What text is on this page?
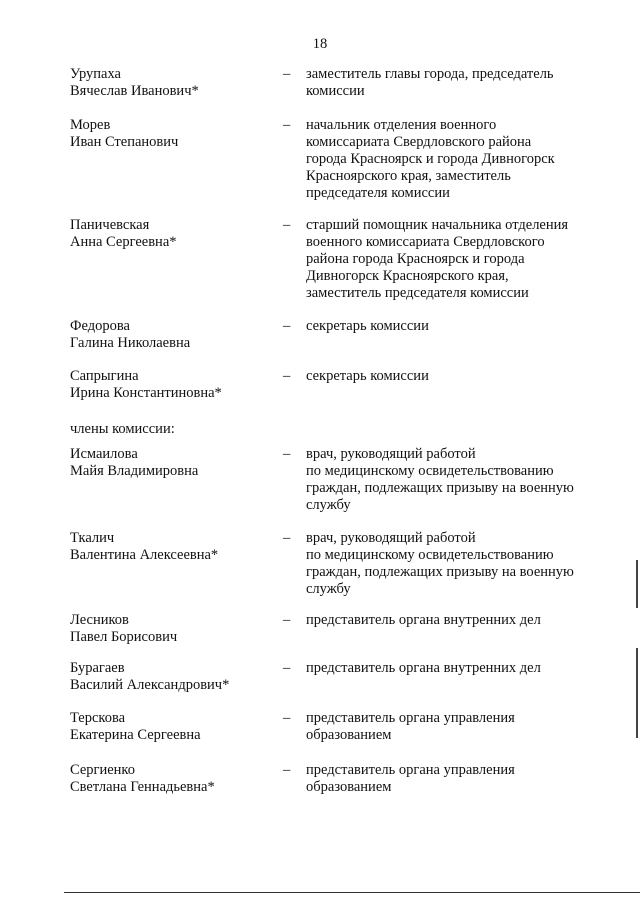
18
Урупаха
Вячеслав Иванович*
– заместитель главы города, председатель
комиссии
Морев
Иван Степанович
– начальник отделения военного
комиссариата Свердловского района
города Красноярск и города Дивногорск
Красноярского края, заместитель
председателя комиссии
Паничевская
Анна Сергеевна*
– старший помощник начальника отделения
военного комиссариата Свердловского
района города Красноярск и города
Дивногорск Красноярского края,
заместитель председателя комиссии
Федорова
Галина Николаевна
– секретарь комиссии
Сапрыгина
Ирина Константиновна*
– секретарь комиссии
члены комиссии:
Исмаилова
Майя Владимировна
– врач, руководящий работой
по медицинскому освидетельствованию
граждан, подлежащих призыву на военную
службу
Ткалич
Валентина Алексеевна*
– врач, руководящий работой
по медицинскому освидетельствованию
граждан, подлежащих призыву на военную
службу
Лесников
Павел Борисович
– представитель органа внутренних дел
Бурагаев
Василий Александрович*
– представитель органа внутренних дел
Терскова
Екатерина Сергеевна
– представитель органа управления
образованием
Сергиенко
Светлана Геннадьевна*
– представитель органа управления
образованием
